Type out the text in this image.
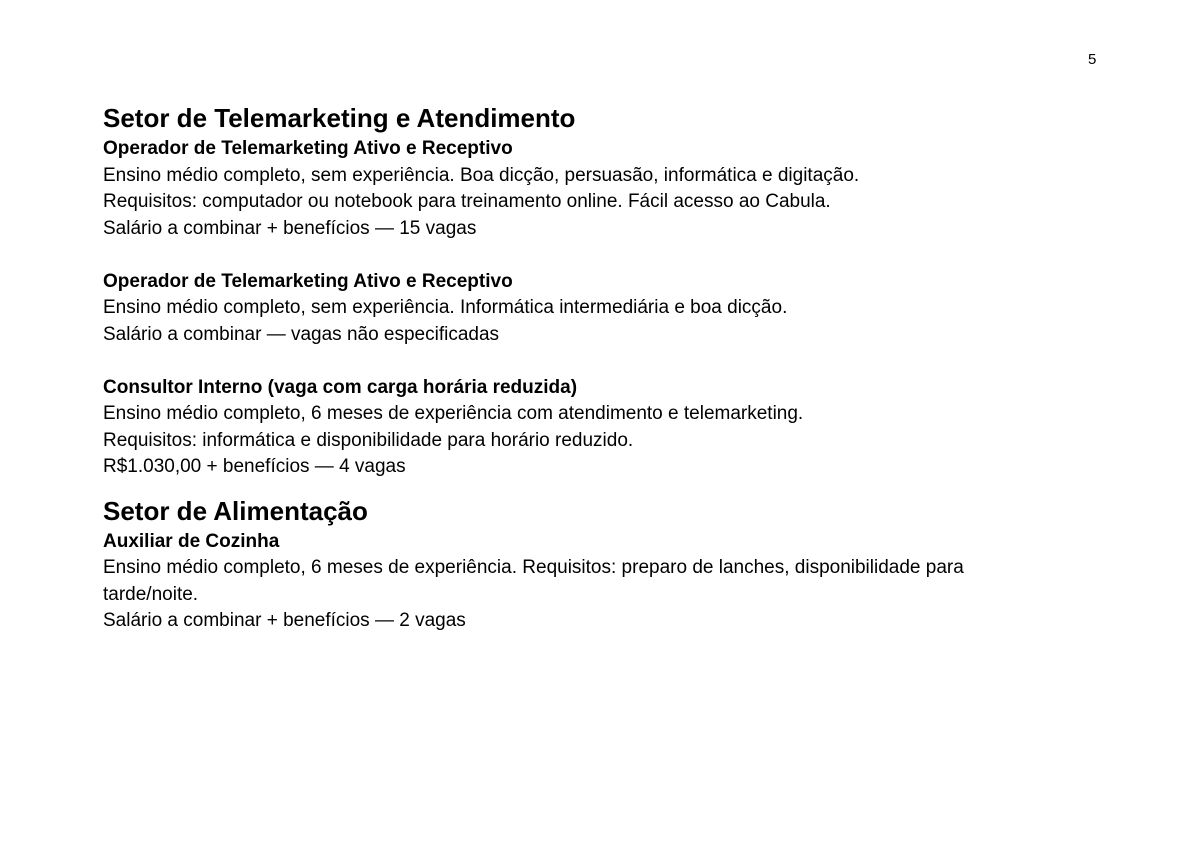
5
Setor de Telemarketing e Atendimento

Operador de Telemarketing Ativo e Receptivo

Ensino médio completo, sem experiência. Boa dicção, persuasão, informática e digitação.

Requisitos: computador ou notebook para treinamento online. Fácil acesso ao Cabula.

Salário a combinar + benefícios — 15 vagas

Operador de Telemarketing Ativo e Receptivo

Ensino médio completo, sem experiência. Informática intermediária e boa dicção.

Salário a combinar — vagas não especificadas

Consultor Interno (vaga com carga horária reduzida)

Ensino médio completo, 6 meses de experiência com atendimento e telemarketing.

Requisitos: informática e disponibilidade para horário reduzido.

R$1.030,00 + benefícios — 4 vagas

Setor de Alimentação

Auxiliar de Cozinha

Ensino médio completo, 6 meses de experiência. Requisitos: preparo de lanches, disponibilidade para

tarde/noite.

Salário a combinar + benefícios — 2 vagas
